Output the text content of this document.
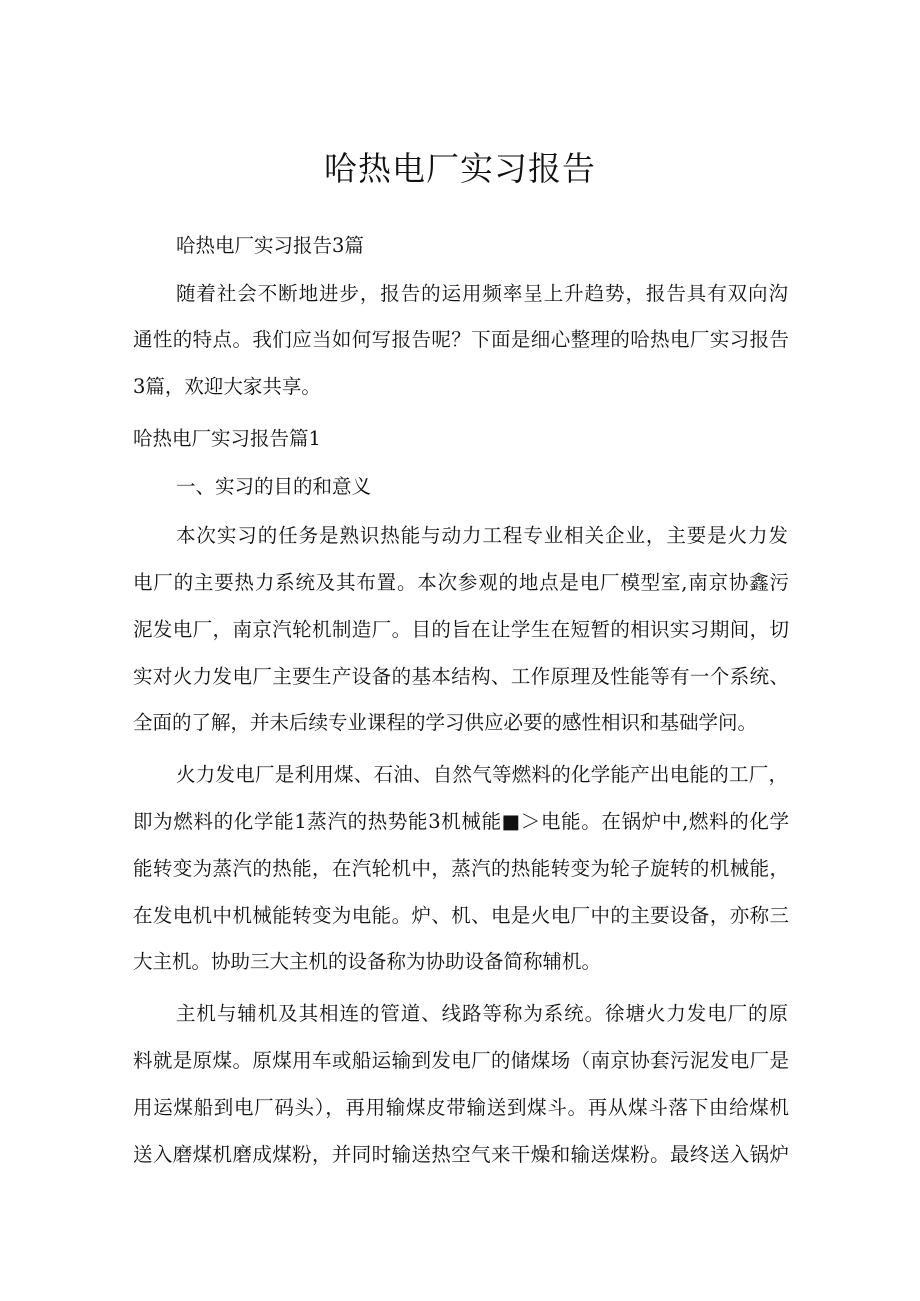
哈热电厂实习报告

哈热电厂实习报告3篇

随着社会不断地进步，报告的运用频率呈上升趋势，报告具有双向沟

通性的特点。我们应当如何写报告呢？下面是细心整理的哈热电厂实习报告

3篇，欢迎大家共享。

哈热电厂实习报告篇1

一、实习的目的和意义

本次实习的任务是熟识热能与动力工程专业相关企业，主要是火力发

电厂的主要热力系统及其布置。本次参观的地点是电厂模型室,南京协鑫污

泥发电厂，南京汽轮机制造厂。目的旨在让学生在短暂的相识实习期间，切

实对火力发电厂主要生产设备的基本结构、工作原理及性能等有一个系统、

全面的了解，并未后续专业课程的学习供应必要的感性相识和基础学问。

火力发电厂是利用煤、石油、自然气等燃料的化学能产出电能的工厂，

即为燃料的化学能1蒸汽的热势能3机械能■＞电能。在锅炉中,燃料的化学

能转变为蒸汽的热能，在汽轮机中，蒸汽的热能转变为轮子旋转的机械能，

在发电机中机械能转变为电能。炉、机、电是火电厂中的主要设备，亦称三

大主机。协助三大主机的设备称为协助设备简称辅机。

主机与辅机及其相连的管道、线路等称为系统。徐塘火力发电厂的原

料就是原煤。原煤用车或船运输到发电厂的储煤场（南京协套污泥发电厂是

用运煤船到电厂码头），再用输煤皮带输送到煤斗。再从煤斗落下由给煤机

送入磨煤机磨成煤粉，并同时输送热空气来干燥和输送煤粉。最终送入锅炉
